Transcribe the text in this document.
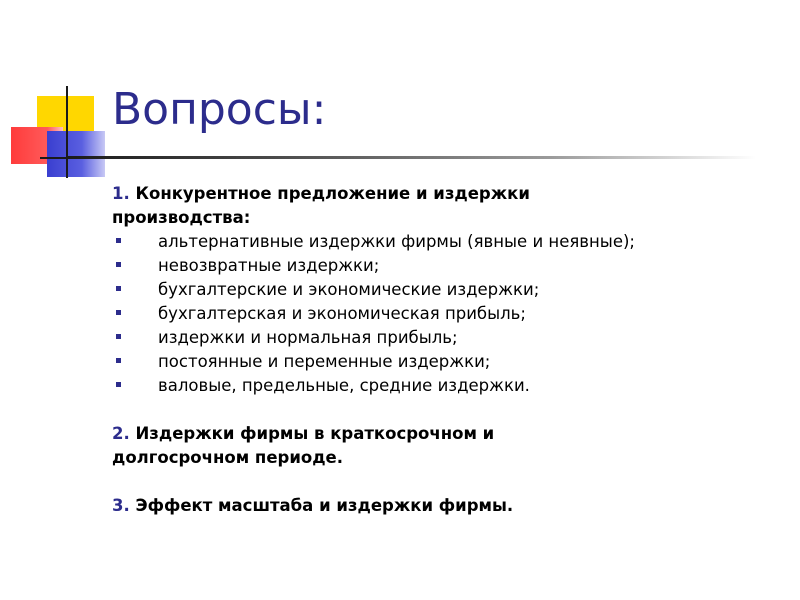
Вопросы:

1. Конкурентное предложение и издержки
производства:

альтернативные издержки фирмы (явные и неявные);
невозвратные издержки;
бухгалтерские и экономические издержки;
бухгалтерская и экономическая прибыль;
издержки и нормальная прибыль;
постоянные и переменные издержки;
валовые, предельные, средние издержки.

2. Издержки фирмы в краткосрочном и
долгосрочном периоде.

3. Эффект масштаба и издержки фирмы.
